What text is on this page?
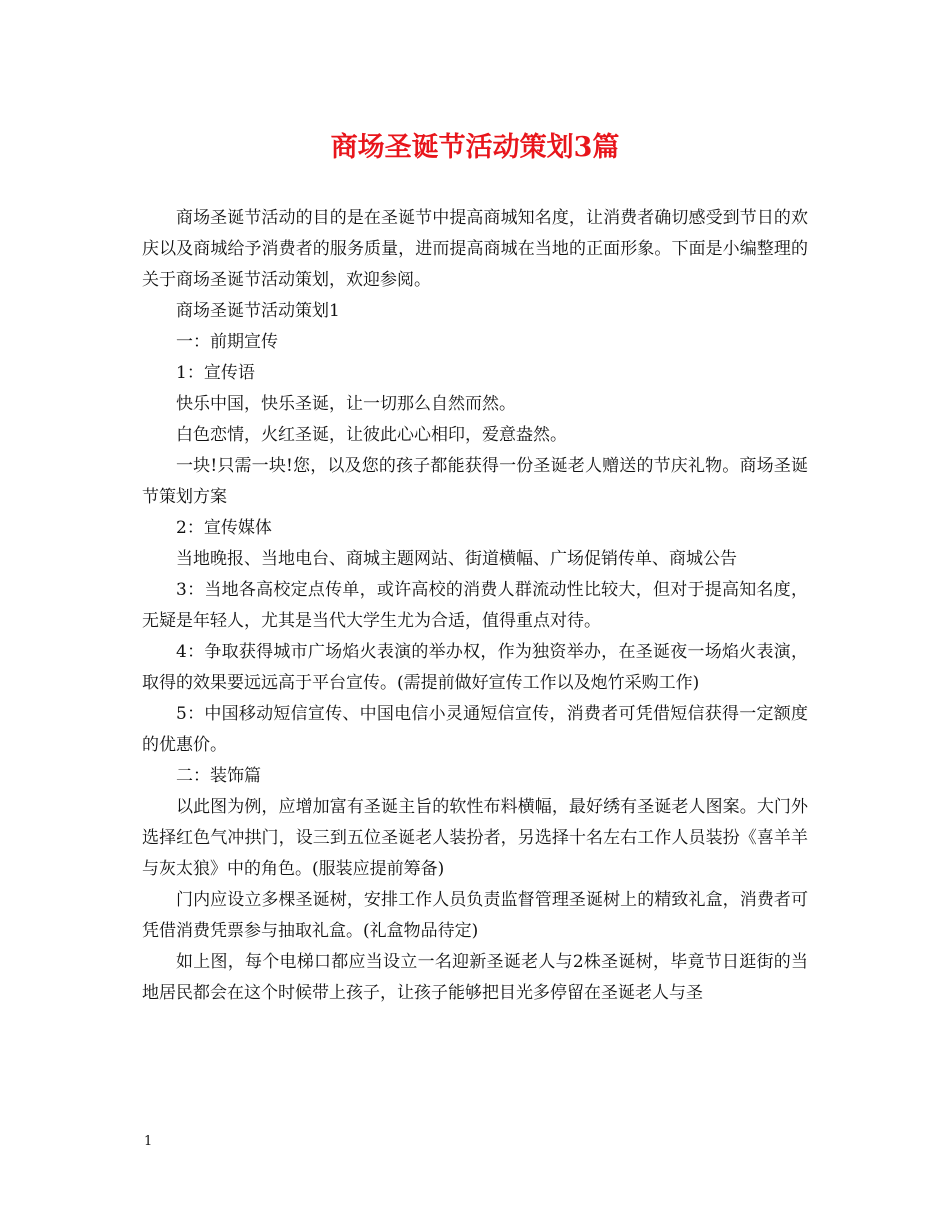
商场圣诞节活动策划3篇

商场圣诞节活动的目的是在圣诞节中提高商城知名度，让消费者确切感受到节日的欢庆以及商城给予消费者的服务质量，进而提高商城在当地的正面形象。下面是小编整理的关于商场圣诞节活动策划，欢迎参阅。

商场圣诞节活动策划1

一：前期宣传

1：宣传语

快乐中国，快乐圣诞，让一切那么自然而然。

白色恋情，火红圣诞，让彼此心心相印，爱意盎然。

一块!只需一块!您，以及您的孩子都能获得一份圣诞老人赠送的节庆礼物。商场圣诞节策划方案

2：宣传媒体

当地晚报、当地电台、商城主题网站、街道横幅、广场促销传单、商城公告

3：当地各高校定点传单，或许高校的消费人群流动性比较大，但对于提高知名度，无疑是年轻人，尤其是当代大学生尤为合适，值得重点对待。

4：争取获得城市广场焰火表演的举办权，作为独资举办，在圣诞夜一场焰火表演，取得的效果要远远高于平台宣传。(需提前做好宣传工作以及炮竹采购工作)

5：中国移动短信宣传、中国电信小灵通短信宣传，消费者可凭借短信获得一定额度的优惠价。

二：装饰篇

以此图为例，应增加富有圣诞主旨的软性布料横幅，最好绣有圣诞老人图案。大门外选择红色气冲拱门，设三到五位圣诞老人装扮者，另选择十名左右工作人员装扮《喜羊羊与灰太狼》中的角色。(服装应提前筹备)

门内应设立多棵圣诞树，安排工作人员负责监督管理圣诞树上的精致礼盒，消费者可凭借消费凭票参与抽取礼盒。(礼盒物品待定)

如上图，每个电梯口都应当设立一名迎新圣诞老人与2株圣诞树，毕竟节日逛街的当地居民都会在这个时候带上孩子，让孩子能够把目光多停留在圣诞老人与圣

1
